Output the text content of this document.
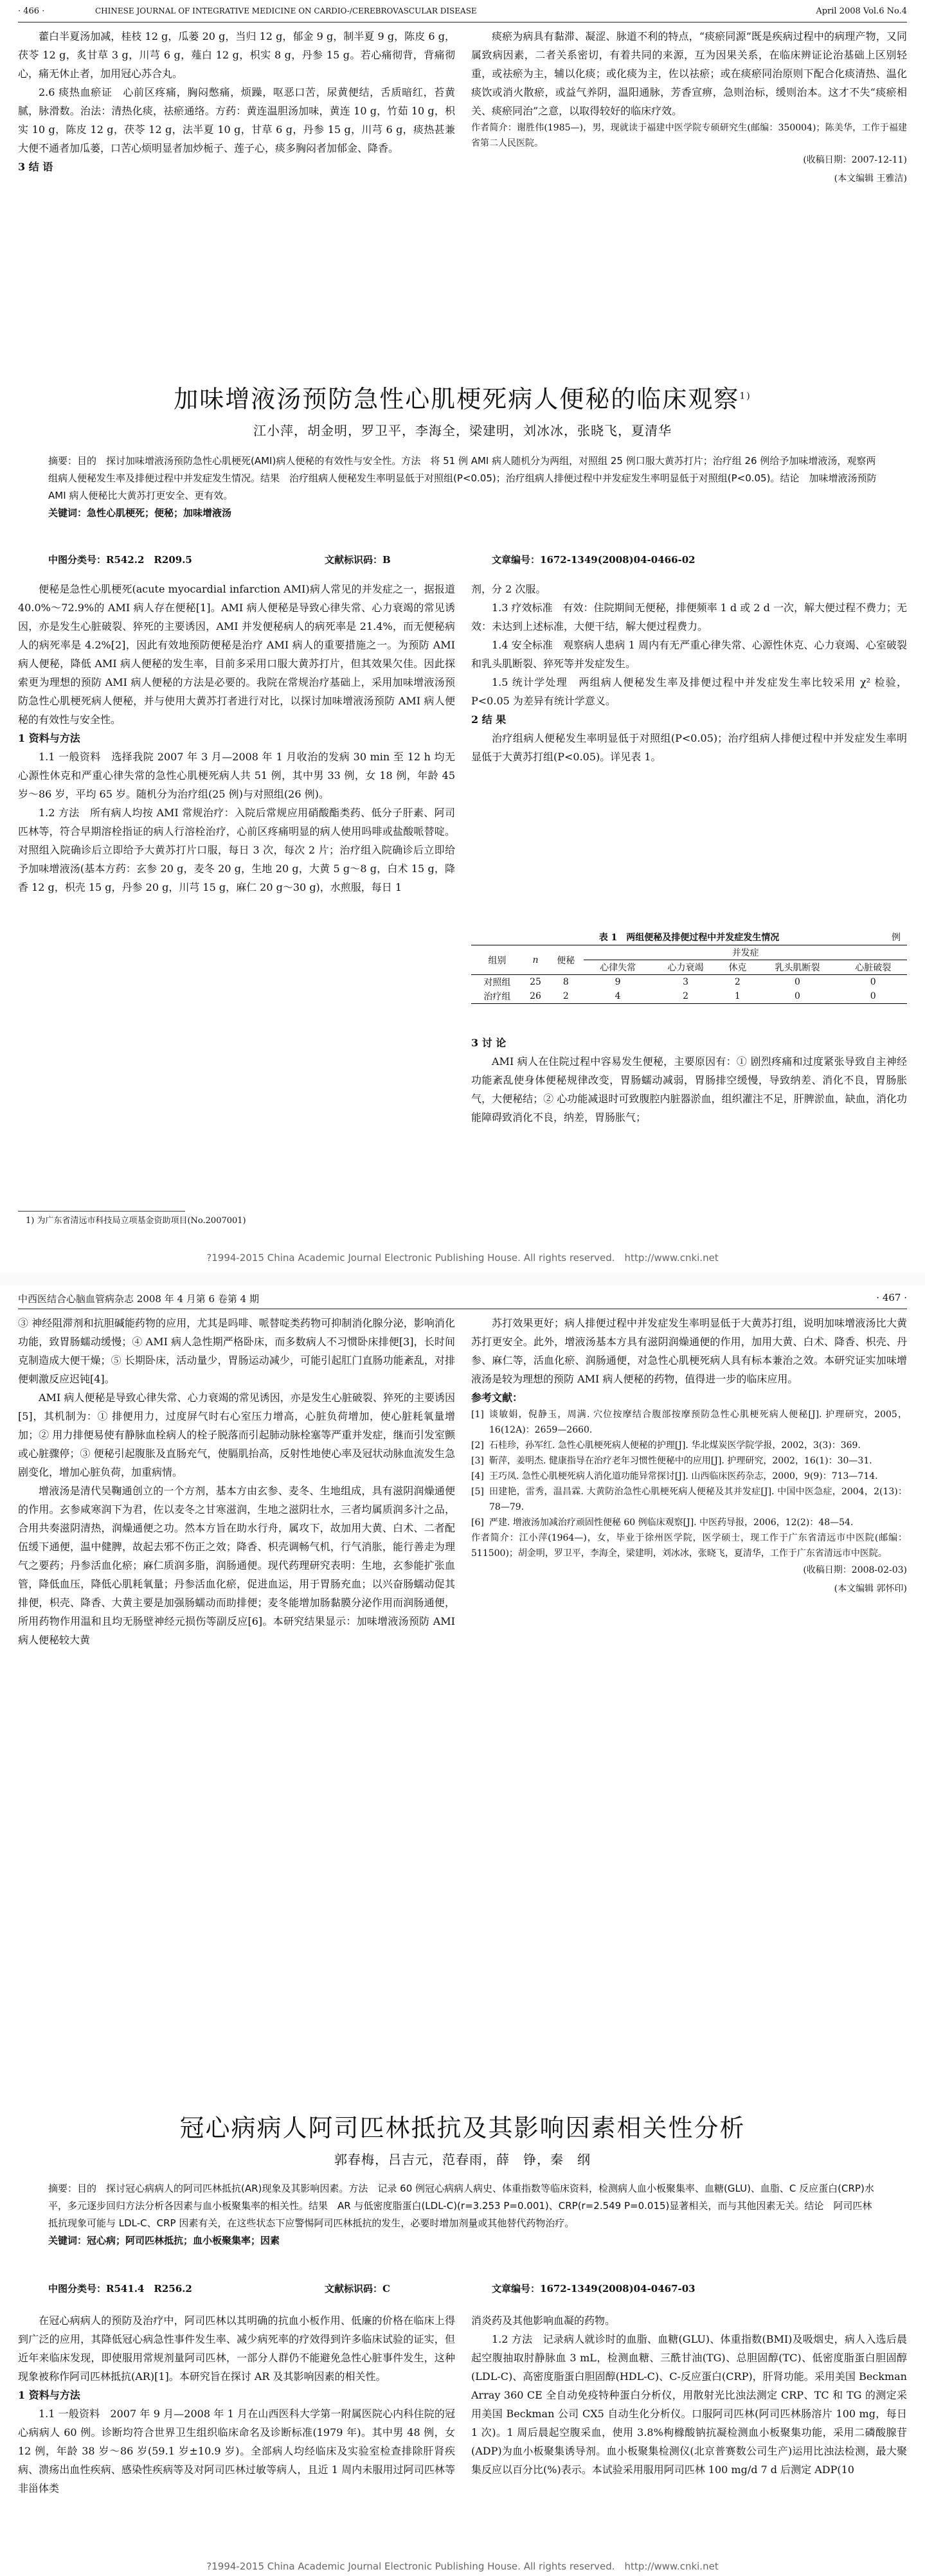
· 466 ·	CHINESE JOURNAL OF INTEGRATIVE MEDICINE ON CARDIO-/CEREBROVASCULAR DISEASE	April 2008 Vol.6 No.4

藿白半夏汤加减，桂枝 12 g，瓜蒌 20 g，当归 12 g，郁金 9 g，制半夏 9 g，陈皮 6 g，茯苓 12 g，炙甘草 3 g，川芎 6 g，薤白 12 g，枳实 8 g，丹参 15 g。若心痛彻背，背痛彻心，痛无休止者，加用冠心苏合丸。

2.6 痰热血瘀证　心前区疼痛，胸闷憋痛，烦躁，呕恶口苦，尿黄便结，舌质暗红，苔黄腻，脉滑数。治法：清热化痰，祛瘀通络。方药：黄连温胆汤加味，黄连 10 g，竹茹 10 g，枳实 10 g，陈皮 12 g，茯苓 12 g，法半夏 10 g，甘草 6 g，丹参 15 g，川芎 6 g，痰热甚兼大便不通者加瓜蒌，口苦心烦明显者加炒栀子、莲子心，痰多胸闷者加郁金、降香。

3 结 语

痰瘀为病具有黏滞、凝涩、脉道不利的特点，“痰瘀同源”既是疾病过程中的病理产物，又同属致病因素，二者关系密切，有着共同的来源，互为因果关系，在临床辨证论治基础上区别轻重，或祛瘀为主，辅以化痰；或化痰为主，佐以祛瘀；或在痰瘀同治原则下配合化痰清热、温化痰饮或消火散瘀，或益气养阴，温阳通脉，芳香宣痹，急则治标，缓则治本。这才不失“痰瘀相关、痰瘀同治”之意，以取得较好的临床疗效。

作者简介：谢胜伟(1985—)，男，现就读于福建中医学院专硕研究生(邮编：350004)；陈美华，工作于福建省第二人民医院。

(收稿日期：2007-12-11)

(本文编辑 王雅洁)

加味增液汤预防急性心肌梗死病人便秘的临床观察$^{1)}$
江小萍，胡金明，罗卫平，李海全，梁建明，刘冰冰，张晓飞，夏清华
摘要：目的　探讨加味增液汤预防急性心肌梗死(AMI)病人便秘的有效性与安全性。方法　将 51 例 AMI 病人随机分为两组，对照组 25 例口服大黄苏打片；治疗组 26 例给予加味增液汤，观察两组病人便秘发生率及排便过程中并发症发生情况。结果　治疗组病人便秘发生率明显低于对照组(P<0.05)；治疗组病人排便过程中并发症发生率明显低于对照组(P<0.05)。结论　加味增液汤预防 AMI 病人便秘比大黄苏打更安全、更有效。
关键词：急性心肌梗死；便秘；加味增液汤
中图分类号：R542.2　R209.5	文献标识码：B	文章编号：1672-1349(2008)04-0466-02

便秘是急性心肌梗死(acute myocardial infarction AMI)病人常见的并发症之一，据报道 40.0%～72.9%的 AMI 病人存在便秘[1]。AMI 病人便秘是导致心律失常、心力衰竭的常见诱因，亦是发生心脏破裂、猝死的主要诱因，AMI 并发便秘病人的病死率是 21.4%，而无便秘病人的病死率是 4.2%[2]，因此有效地预防便秘是治疗 AMI 病人的重要措施之一。为预防 AMI 病人便秘，降低 AMI 病人便秘的发生率，目前多采用口服大黄苏打片，但其效果欠佳。因此探索更为理想的预防 AMI 病人便秘的方法是必要的。我院在常规治疗基础上，采用加味增液汤预防急性心肌梗死病人便秘，并与使用大黄苏打者进行对比，以探讨加味增液汤预防 AMI 病人便秘的有效性与安全性。

1 资料与方法

1.1 一般资料　选择我院 2007 年 3 月—2008 年 1 月收治的发病 30 min 至 12 h 均无心源性休克和严重心律失常的急性心肌梗死病人共 51 例，其中男 33 例，女 18 例，年龄 45 岁～86 岁，平均 65 岁。随机分为治疗组(25 例)与对照组(26 例)。

1.2 方法　所有病人均按 AMI 常规治疗：入院后常规应用硝酸酯类药、低分子肝素、阿司匹林等，符合早期溶栓指证的病人行溶栓治疗，心前区疼痛明显的病人使用吗啡或盐酸哌替啶。对照组入院确诊后立即给予大黄苏打片口服，每日 3 次，每次 2 片；治疗组入院确诊后立即给予加味增液汤(基本方药：玄参 20 g，麦冬 20 g，生地 20 g，大黄 5 g～8 g，白术 15 g，降香 12 g，枳壳 15 g，丹参 20 g，川芎 15 g，麻仁 20 g～30 g)，水煎服，每日 1

1) 为广东省清远市科技局立项基金资助项目(No.2007001)

剂，分 2 次服。

1.3 疗效标准　有效：住院期间无便秘，排便频率 1 d 或 2 d 一次，解大便过程不费力；无效：未达到上述标准，大便干结，解大便过程费力。

1.4 安全标准　观察病人患病 1 周内有无严重心律失常、心源性休克、心力衰竭、心室破裂和乳头肌断裂、猝死等并发症发生。

1.5 统计学处理　两组病人便秘发生率及排便过程中并发症发生率比较采用 χ² 检验，P<0.05 为差异有统计学意义。

2 结 果

治疗组病人便秘发生率明显低于对照组(P<0.05)；治疗组病人排便过程中并发症发生率明显低于大黄苏打组(P<0.05)。详见表 1。

表 1　两组便秘及排便过程中并发症发生情况	例
组别	n	便秘	并发症				
			心律失常	心力衰竭	休克	乳头肌断裂	心脏破裂
对照组	25	8	9	3	2	0	0
治疗组	26	2	4	2	1	0	0

3 讨 论

AMI 病人在住院过程中容易发生便秘，主要原因有：① 剧烈疼痛和过度紧张导致自主神经功能紊乱使身体便秘规律改变，胃肠蠕动减弱，胃肠排空缓慢，导致纳差、消化不良，胃肠胀气，大便秘结；② 心功能减退时可致腹腔内脏器淤血，组织灌注不足，肝脾淤血，缺血，消化功能障碍致消化不良，纳差，胃肠胀气；

?1994-2015 China Academic Journal Electronic Publishing House. All rights reserved.　http://www.cnki.net
中西医结合心脑血管病杂志 2008 年 4 月第 6 卷第 4 期	· 467 ·

③ 神经阻滞剂和抗胆碱能药物的应用，尤其是吗啡、哌替啶类药物可抑制消化腺分泌，影响消化功能，致胃肠蠕动缓慢；④ AMI 病人急性期严格卧床，而多数病人不习惯卧床排便[3]，长时间克制造成大便干燥；⑤ 长期卧床，活动量少，胃肠运动减少，可能引起肛门直肠功能紊乱，对排便刺激反应迟钝[4]。

AMI 病人便秘是导致心律失常、心力衰竭的常见诱因，亦是发生心脏破裂、猝死的主要诱因[5]，其机制为：① 排便用力，过度屏气时右心室压力增高，心脏负荷增加，使心脏耗氧量增加；② 用力排便易使有静脉血栓病人的栓子脱落而引起肺动脉栓塞等严重并发症，继而引发室颤或心脏骤停；③ 便秘引起腹胀及直肠充气，使膈肌抬高，反射性地使心率及冠状动脉血流发生急剧变化，增加心脏负荷，加重病情。

增液汤是清代吴鞠通创立的一个方剂，基本方由玄参、麦冬、生地组成，具有滋阴润燥通便的作用。玄参咸寒润下为君，佐以麦冬之甘寒滋润，生地之滋阴壮水，三者均属质润多汁之品，合用共奏滋阴清热，润燥通便之功。然本方旨在助水行舟，属攻下，故加用大黄、白术、二者配伍缓下通便，温中健脾，故起去邪不伤正之效；降香、枳壳调畅气机，行气消胀，能行善走为理气之要药；丹参活血化瘀；麻仁质润多脂，润肠通便。现代药理研究表明：生地，玄参能扩张血管，降低血压，降低心肌耗氧量；丹参活血化瘀，促进血运，用于胃肠充血；以兴奋肠蠕动促其排便，枳壳、降香、大黄主要是加强肠蠕动而助排便；麦冬能增加肠黏膜分泌作用而润肠通便，所用药物作用温和且均无肠壁神经元损伤等副反应[6]。本研究结果显示：加味增液汤预防 AMI 病人便秘较大黄

苏打效果更好；病人排便过程中并发症发生率明显低于大黄苏打组，说明加味增液汤比大黄苏打更安全。此外，增液汤基本方具有滋阴润燥通便的作用，加用大黄、白术、降香、枳壳、丹参、麻仁等，活血化瘀、润肠通便，对急性心肌梗死病人具有标本兼治之效。本研究证实加味增液汤是较为理想的预防 AMI 病人便秘的药物，值得进一步的临床应用。

参考文献：

[1] 谈敏娟，倪静玉，周满. 穴位按摩结合腹部按摩预防急性心肌梗死病人便秘[J]. 护理研究，2005，16(12A)：2659—2660.

[2] 石桂珍，孙军红. 急性心肌梗死病人便秘的护理[J]. 华北煤炭医学院学报，2002，3(3)：369.

[3] 靳萍，姜明杰. 健康指导在治疗老年习惯性便秘中的应用[J]. 护理研究，2002，16(1)：30—31.

[4] 王巧凤. 急性心肌梗死病人消化道功能异常探讨[J]. 山西临床医药杂志，2000，9(9)：713—714.

[5] 田建艳，雷秀，温昌霖. 大黄防治急性心肌梗死病人便秘及其并发症[J]. 中国中医急症，2004，2(13)：78—79.

[6] 严建. 增液汤加减治疗顽固性便秘 60 例临床观察[J]. 中医药导报，2006，12(2)：48—54.

作者简介：江小萍(1964—)，女，毕业于徐州医学院，医学硕士，现工作于广东省清远市中医院(邮编：511500)；胡金明，罗卫平，李海全，梁建明，刘冰冰，张晓飞，夏清华，工作于广东省清远市中医院。

(收稿日期：2008-02-03)

(本文编辑 郭怀印)

冠心病病人阿司匹林抵抗及其影响因素相关性分析
郭春梅，吕吉元，范春雨，薛　铮，秦　纲
摘要：目的　探讨冠心病病人的阿司匹林抵抗(AR)现象及其影响因素。方法　记录 60 例冠心病病人病史、体重指数等临床资料，检测病人血小板聚集率、血糖(GLU)、血脂、C 反应蛋白(CRP)水平，多元逐步回归方法分析各因素与血小板聚集率的相关性。结果　AR 与低密度脂蛋白(LDL-C)(r=3.253 P=0.001)、CRP(r=2.549 P=0.015)显著相关，而与其他因素无关。结论　阿司匹林抵抗现象可能与 LDL-C、CRP 因素有关，在这些状态下应警惕阿司匹林抵抗的发生，必要时增加剂量或其他替代药物治疗。
关键词：冠心病；阿司匹林抵抗；血小板聚集率；因素
中图分类号：R541.4　R256.2	文献标识码：C	文章编号：1672-1349(2008)04-0467-03

在冠心病病人的预防及治疗中，阿司匹林以其明确的抗血小板作用、低廉的价格在临床上得到广泛的应用，其降低冠心病急性事件发生率、减少病死率的疗效得到许多临床试验的证实，但近年来临床发现，即使服用常规剂量阿司匹林，一部分人群仍不能避免急性心脏事件发生，这种现象被称作阿司匹林抵抗(AR)[1]。本研究旨在探讨 AR 及其影响因素的相关性。

1 资料与方法

1.1 一般资料　2007 年 9 月—2008 年 1 月在山西医科大学第一附属医院心内科住院的冠心病病人 60 例。诊断均符合世界卫生组织临床命名及诊断标准(1979 年)。其中男 48 例，女 12 例，年龄 38 岁～86 岁(59.1 岁±10.9 岁)。全部病人均经临床及实验室检查排除肝肾疾病、溃疡出血性疾病、感染性疾病等及对阿司匹林过敏等病人，且近 1 周内未服用过阿司匹林等非甾体类

消炎药及其他影响血凝的药物。

1.2 方法　记录病人就诊时的血脂、血糖(GLU)、体重指数(BMI)及吸烟史，病人入选后晨起空腹抽取肘静脉血 3 mL，检测血糖、三酰甘油(TG)、总胆固醇(TC)、低密度脂蛋白胆固醇(LDL-C)、高密度脂蛋白胆固醇(HDL-C)、C-反应蛋白(CRP)，肝肾功能。采用美国 Beckman Array 360 CE 全自动免疫特种蛋白分析仪，用散射光比浊法测定 CRP、TC 和 TG 的测定采用美国 Beckman 公司 CX5 自动生化分析仪。口服阿司匹林(阿司匹林肠溶片 100 mg，每日 1 次)。1 周后晨起空腹采血，使用 3.8%枸橼酸钠抗凝检测血小板聚集功能，采用二磷酸腺苷(ADP)为血小板聚集诱导剂。血小板聚集检测仪(北京普赛数公司生产)运用比浊法检测，最大聚集反应以百分比(%)表示。本试验采用服用阿司匹林 100 mg/d 7 d 后测定 ADP(10

?1994-2015 China Academic Journal Electronic Publishing House. All rights reserved.　http://www.cnki.net
